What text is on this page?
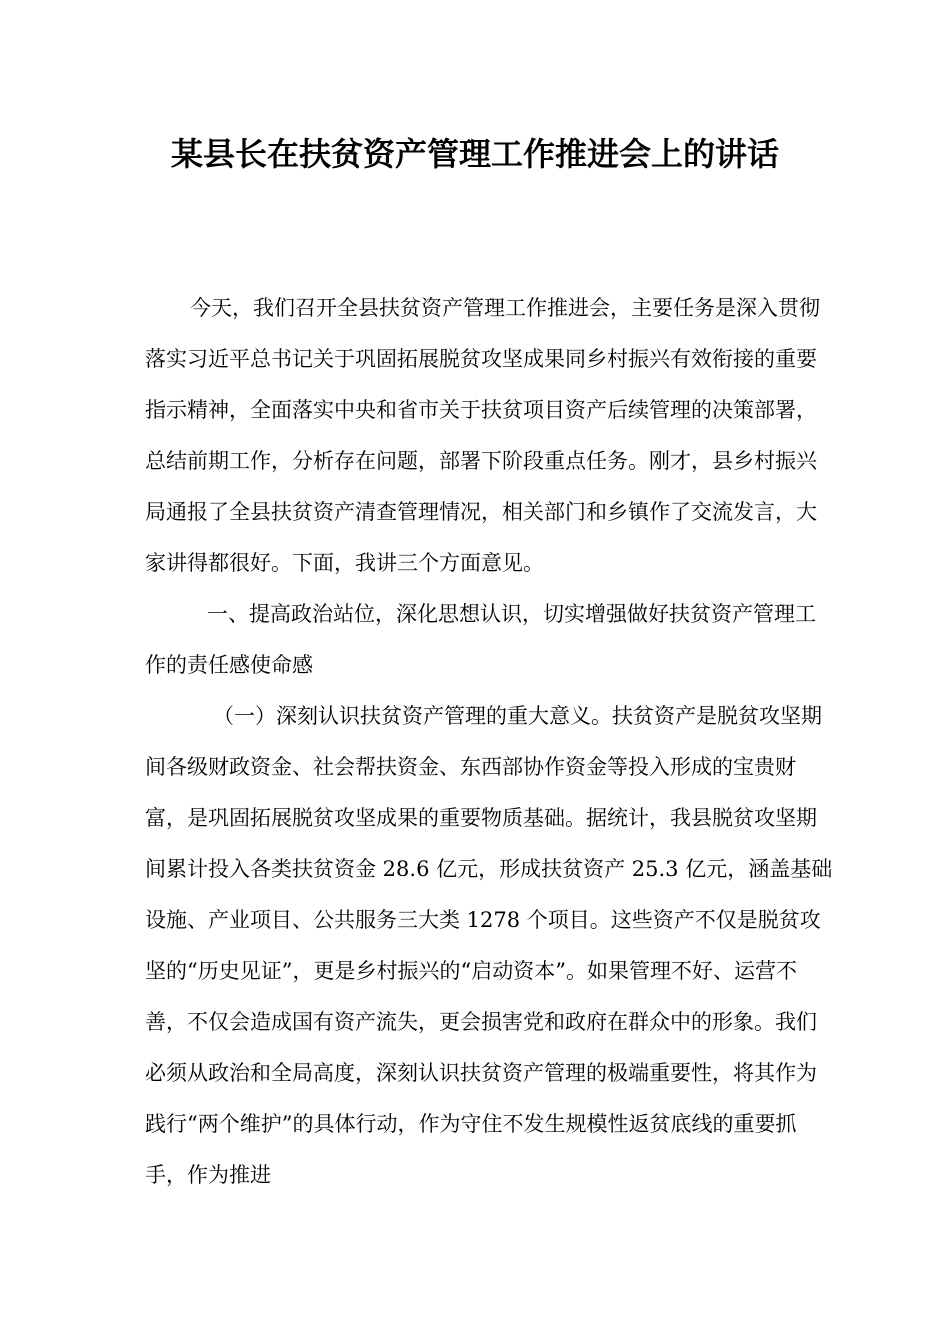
某县长在扶贫资产管理工作推进会上的讲话

今天，我们召开全县扶贫资产管理工作推进会，主要任务是深入贯彻落实习近平总书记关于巩固拓展脱贫攻坚成果同乡村振兴有效衔接的重要指示精神，全面落实中央和省市关于扶贫项目资产后续管理的决策部署，总结前期工作，分析存在问题，部署下阶段重点任务。刚才，县乡村振兴局通报了全县扶贫资产清查管理情况，相关部门和乡镇作了交流发言，大家讲得都很好。下面，我讲三个方面意见。

一、提高政治站位，深化思想认识，切实增强做好扶贫资产管理工作的责任感使命感

（一）深刻认识扶贫资产管理的重大意义。扶贫资产是脱贫攻坚期间各级财政资金、社会帮扶资金、东西部协作资金等投入形成的宝贵财富，是巩固拓展脱贫攻坚成果的重要物质基础。据统计，我县脱贫攻坚期间累计投入各类扶贫资金 28.6 亿元，形成扶贫资产 25.3 亿元，涵盖基础设施、产业项目、公共服务三大类 1278 个项目。这些资产不仅是脱贫攻坚的“历史见证”，更是乡村振兴的“启动资本”。如果管理不好、运营不善，不仅会造成国有资产流失，更会损害党和政府在群众中的形象。我们必须从政治和全局高度，深刻认识扶贫资产管理的极端重要性，将其作为践行“两个维护”的具体行动，作为守住不发生规模性返贫底线的重要抓手，作为推进
